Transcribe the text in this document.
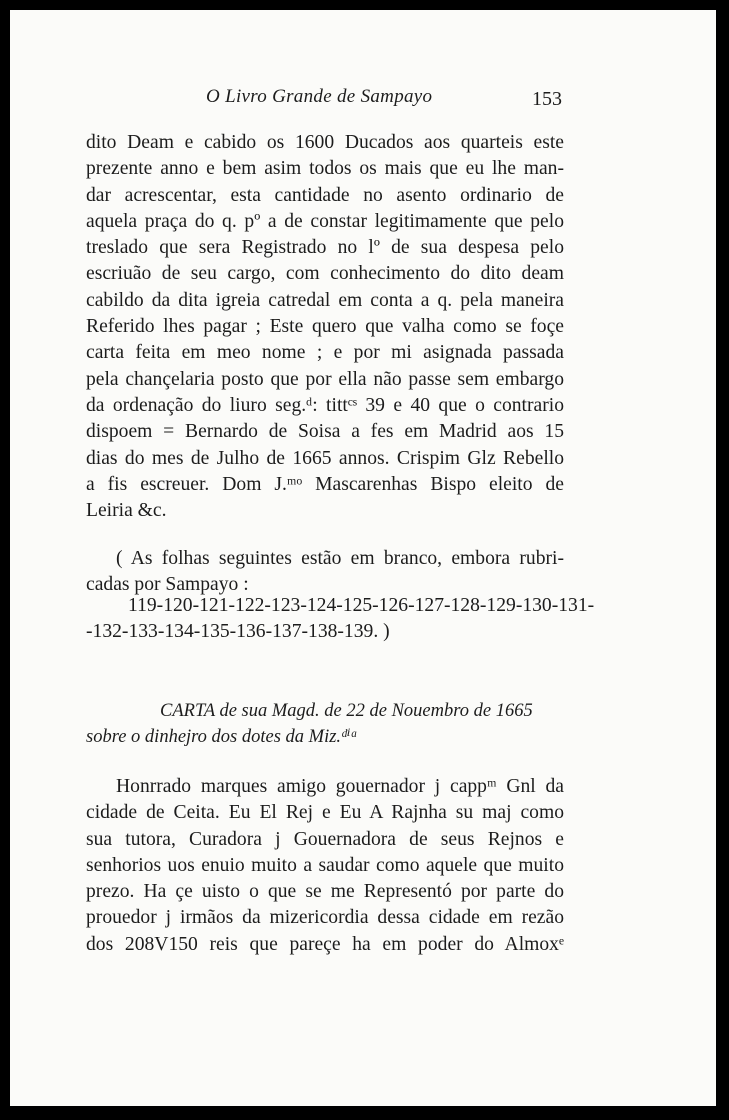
O Livro Grande de Sampayo	153
dito Deam e cabido os 1600 Ducados aos quarteis este
prezente anno e bem asim todos os mais que eu lhe man-
dar acrescentar, esta cantidade no asento ordinario de
aquela praça do q. pº a de constar legitimamente que pelo
treslado que sera Registrado no lº de sua despesa pelo
escriuão de seu cargo, com conhecimento do dito deam
cabildo da dita igreia catredal em conta a q. pela maneira
Referido lhes pagar ; Este quero que valha como se foçe
carta feita em meo nome ; e por mi asignada passada
pela chançelaria posto que por ella não passe sem embargo
da ordenação do liuro seg.ᵈ: tittᶜˢ 39 e 40 que o contrario
dispoem = Bernardo de Soisa a fes em Madrid aos 15
dias do mes de Julho de 1665 annos. Crispim Glz Rebello
a fis escreuer. Dom J.ᵐᵒ Mascarenhas Bispo eleito de
Leiria &c.
( As folhas seguintes estão em branco, embora rubri-
cadas por Sampayo :
119-120-121-122-123-124-125-126-127-128-129-130-131-
-132-133-134-135-136-137-138-139. )
CARTA de sua Magd. de 22 de Nouembro de 1665
sobre o dinhejro dos dotes da Miz.ᵈⁱᵃ
Honrrado marques amigo gouernador j cappᵐ Gnl da
cidade de Ceita. Eu El Rej e Eu A Rajnha su maj como
sua tutora, Curadora j Gouernadora de seus Rejnos e
senhorios uos enuio muito a saudar como aquele que muito
prezo. Ha çe uisto o que se me Representó por parte do
prouedor j irmãos da mizericordia dessa cidade em rezão
dos 208V150 reis que pareçe ha em poder do Almoxᵉ
